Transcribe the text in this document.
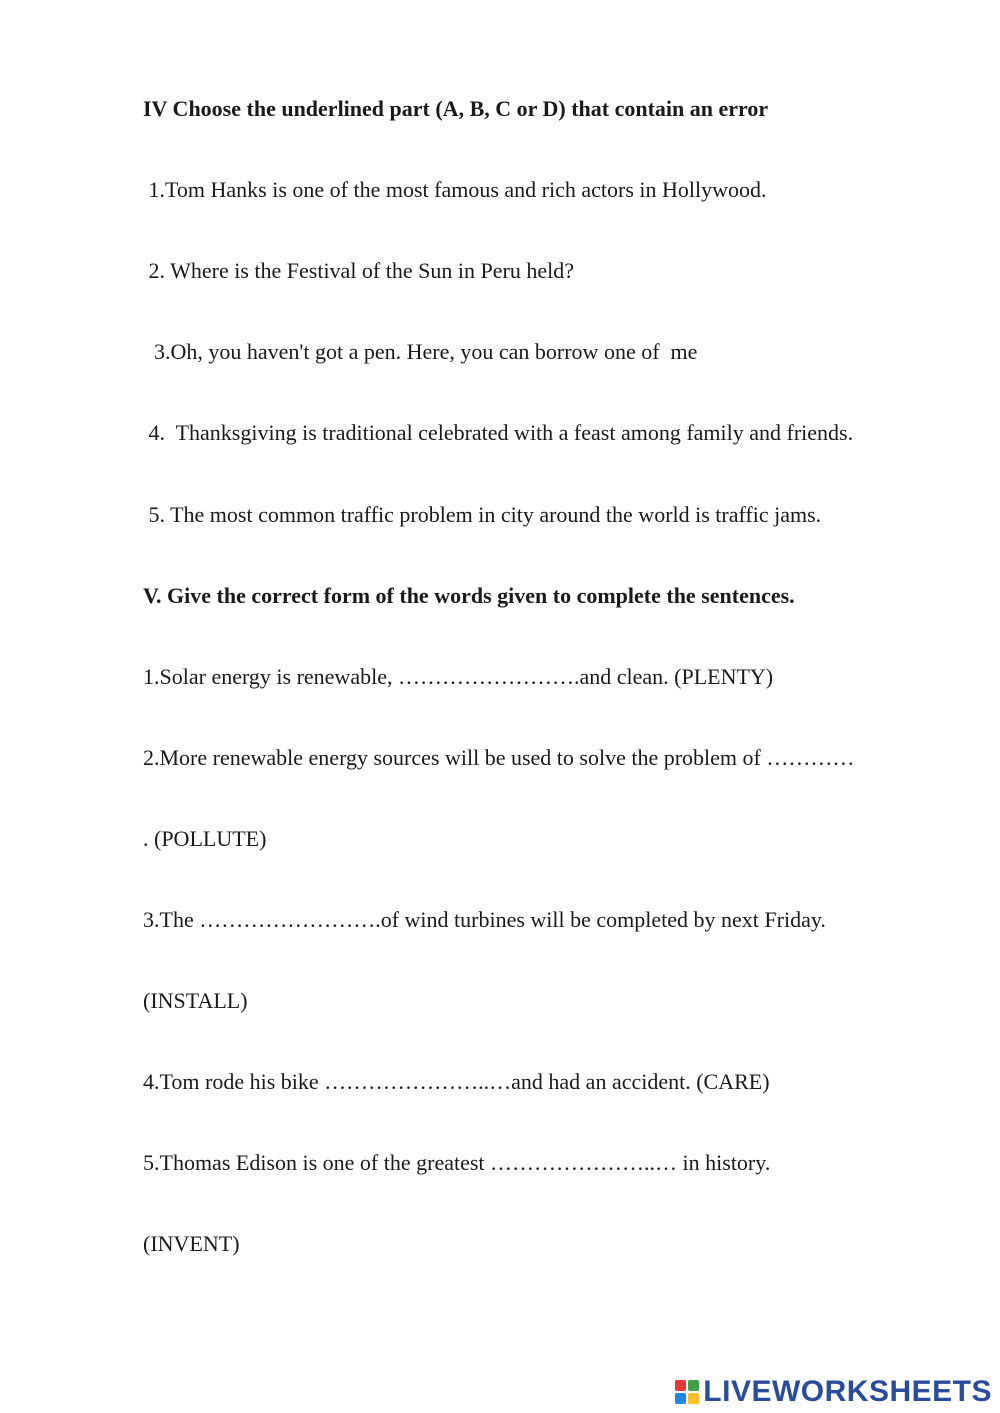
IV Choose the underlined part (A, B, C or D) that contain an error
1.Tom Hanks is one of the most famous and rich actors in Hollywood.
2. Where is the Festival of the Sun in Peru held?
3.Oh, you haven't got a pen. Here, you can borrow one of  me
4.  Thanksgiving is traditional celebrated with a feast among family and friends.
5. The most common traffic problem in city around the world is traffic jams.
V. Give the correct form of the words given to complete the sentences.
1.Solar energy is renewable, …………………….and clean. (PLENTY)
2.More renewable energy sources will be used to solve the problem of …………
. (POLLUTE)
3.The …………………….of wind turbines will be completed by next Friday.
(INSTALL)
4.Tom rode his bike …………………..…and had an accident. (CARE)
5.Thomas Edison is one of the greatest …………………..… in history.
(INVENT)
LIVEWORKSHEETS
